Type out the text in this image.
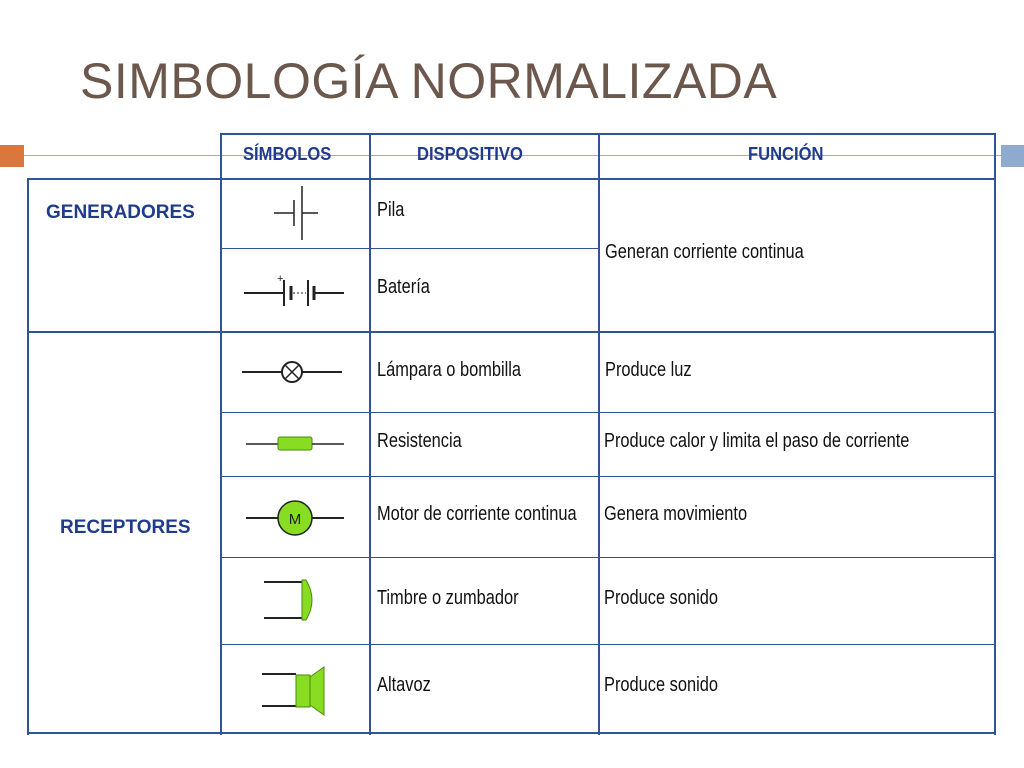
SIMBOLOGÍA NORMALIZADA
SÍMBOLOS	DISPOSITIVO	FUNCIÓN
GENERADORES
RECEPTORES
Pila
Batería
Lámpara o bombilla
Resistencia
Motor de corriente continua
Timbre o zumbador
Altavoz
Generan corriente continua
Produce luz
Produce calor y limita el paso de corriente
Genera movimiento
Produce sonido
Produce sonido
+
M
